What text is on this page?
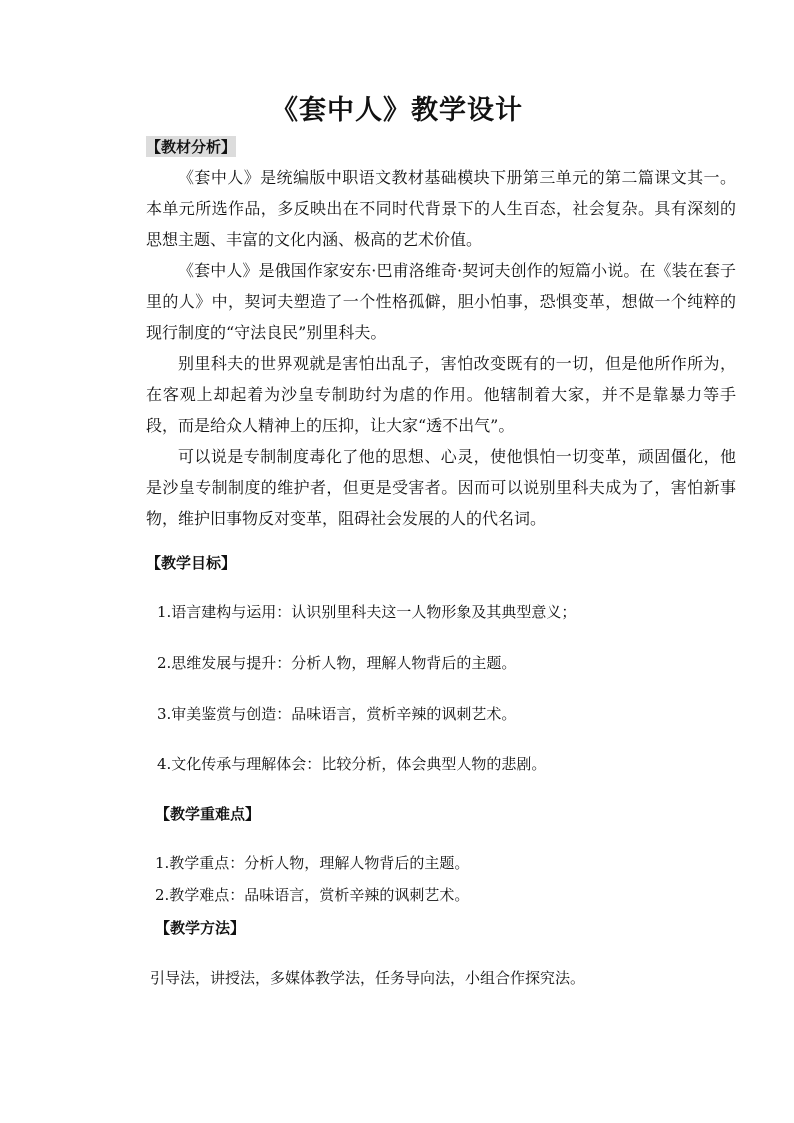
《套中人》教学设计
【教材分析】
《套中人》是统编版中职语文教材基础模块下册第三单元的第二篇课文其一。本单元所选作品，多反映出在不同时代背景下的人生百态，社会复杂。具有深刻的思想主题、丰富的文化内涵、极高的艺术价值。
《套中人》是俄国作家安东·巴甫洛维奇·契诃夫创作的短篇小说。在《装在套子里的人》中，契诃夫塑造了一个性格孤僻，胆小怕事，恐惧变革，想做一个纯粹的现行制度的“守法良民”别里科夫。
别里科夫的世界观就是害怕出乱子，害怕改变既有的一切，但是他所作所为，在客观上却起着为沙皇专制助纣为虐的作用。他辖制着大家，并不是靠暴力等手段，而是给众人精神上的压抑，让大家“透不出气”。
可以说是专制制度毒化了他的思想、心灵，使他惧怕一切变革，顽固僵化，他是沙皇专制制度的维护者，但更是受害者。因而可以说别里科夫成为了，害怕新事物，维护旧事物反对变革，阻碍社会发展的人的代名词。
【教学目标】
1.语言建构与运用：认识别里科夫这一人物形象及其典型意义；
2.思维发展与提升：分析人物，理解人物背后的主题。
3.审美鉴赏与创造：品味语言，赏析辛辣的讽刺艺术。
4.文化传承与理解体会：比较分析，体会典型人物的悲剧。
【教学重难点】
1.教学重点：分析人物，理解人物背后的主题。
2.教学难点：品味语言，赏析辛辣的讽刺艺术。
【教学方法】
引导法，讲授法，多媒体教学法，任务导向法，小组合作探究法。
